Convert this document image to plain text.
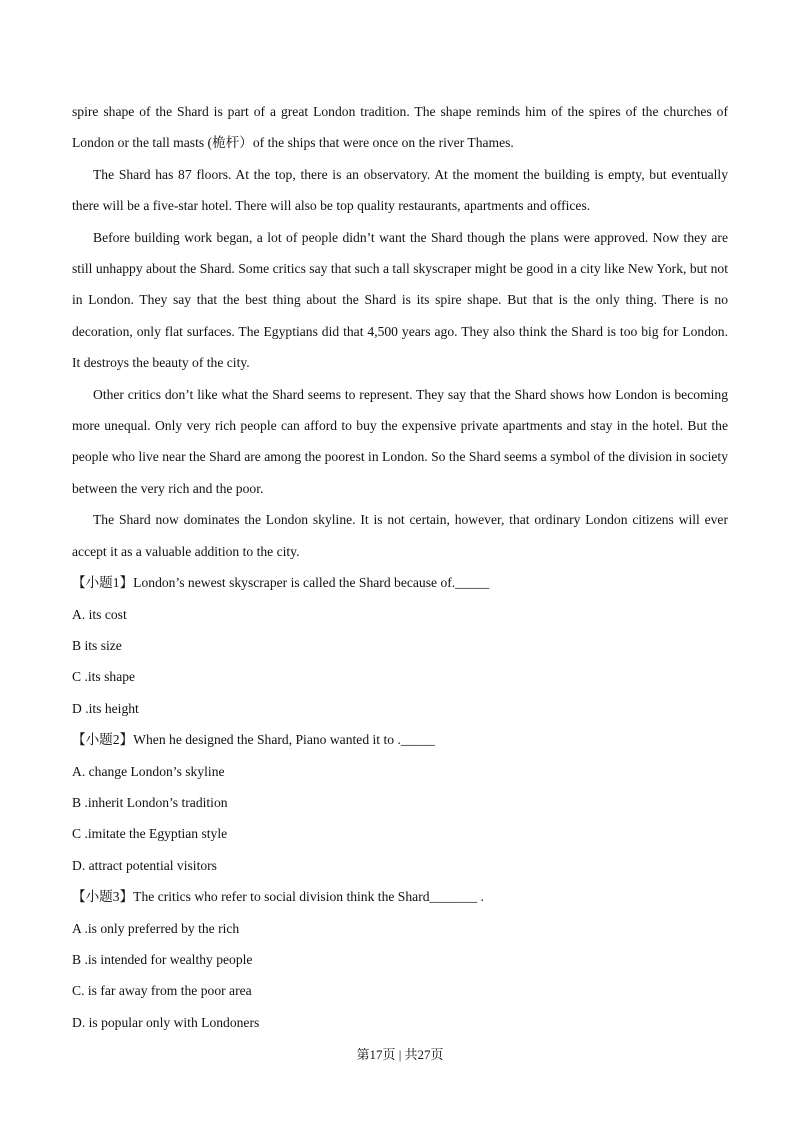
spire shape of the Shard is part of a great London tradition. The shape reminds him of the spires of the churches of London or the tall masts (桅杆）of the ships that were once on the river Thames.

The Shard has 87 floors. At the top, there is an observatory. At the moment the building is empty, but eventually there will be a five-star hotel. There will also be top quality restaurants, apartments and offices.

Before building work began, a lot of people didn’t want the Shard though the plans were approved. Now they are still unhappy about the Shard. Some critics say that such a tall skyscraper might be good in a city like New York, but not in London. They say that the best thing about the Shard is its spire shape. But that is the only thing. There is no decoration, only flat surfaces. The Egyptians did that 4,500 years ago. They also think the Shard is too big for London. It destroys the beauty of the city.

Other critics don’t like what the Shard seems to represent. They say that the Shard shows how London is becoming more unequal. Only very rich people can afford to buy the expensive private apartments and stay in the hotel. But the people who live near the Shard are among the poorest in London. So the Shard seems a symbol of the division in society between the very rich and the poor.

The Shard now dominates the London skyline. It is not certain, however, that ordinary London citizens will ever accept it as a valuable addition to the city.

【小题1】London’s newest skyscraper is called the Shard because of._____

A. its cost

B its size

C .its shape

D .its height

【小题2】When he designed the Shard, Piano wanted it to ._____

A. change London’s skyline

B .inherit London’s tradition

C .imitate the Egyptian style

D. attract potential visitors

【小题3】The critics who refer to social division think the Shard_______ .

A .is only preferred by the rich

B .is intended for wealthy people

C. is far away from the poor area

D. is popular only with Londoners

第17页 | 共27页
